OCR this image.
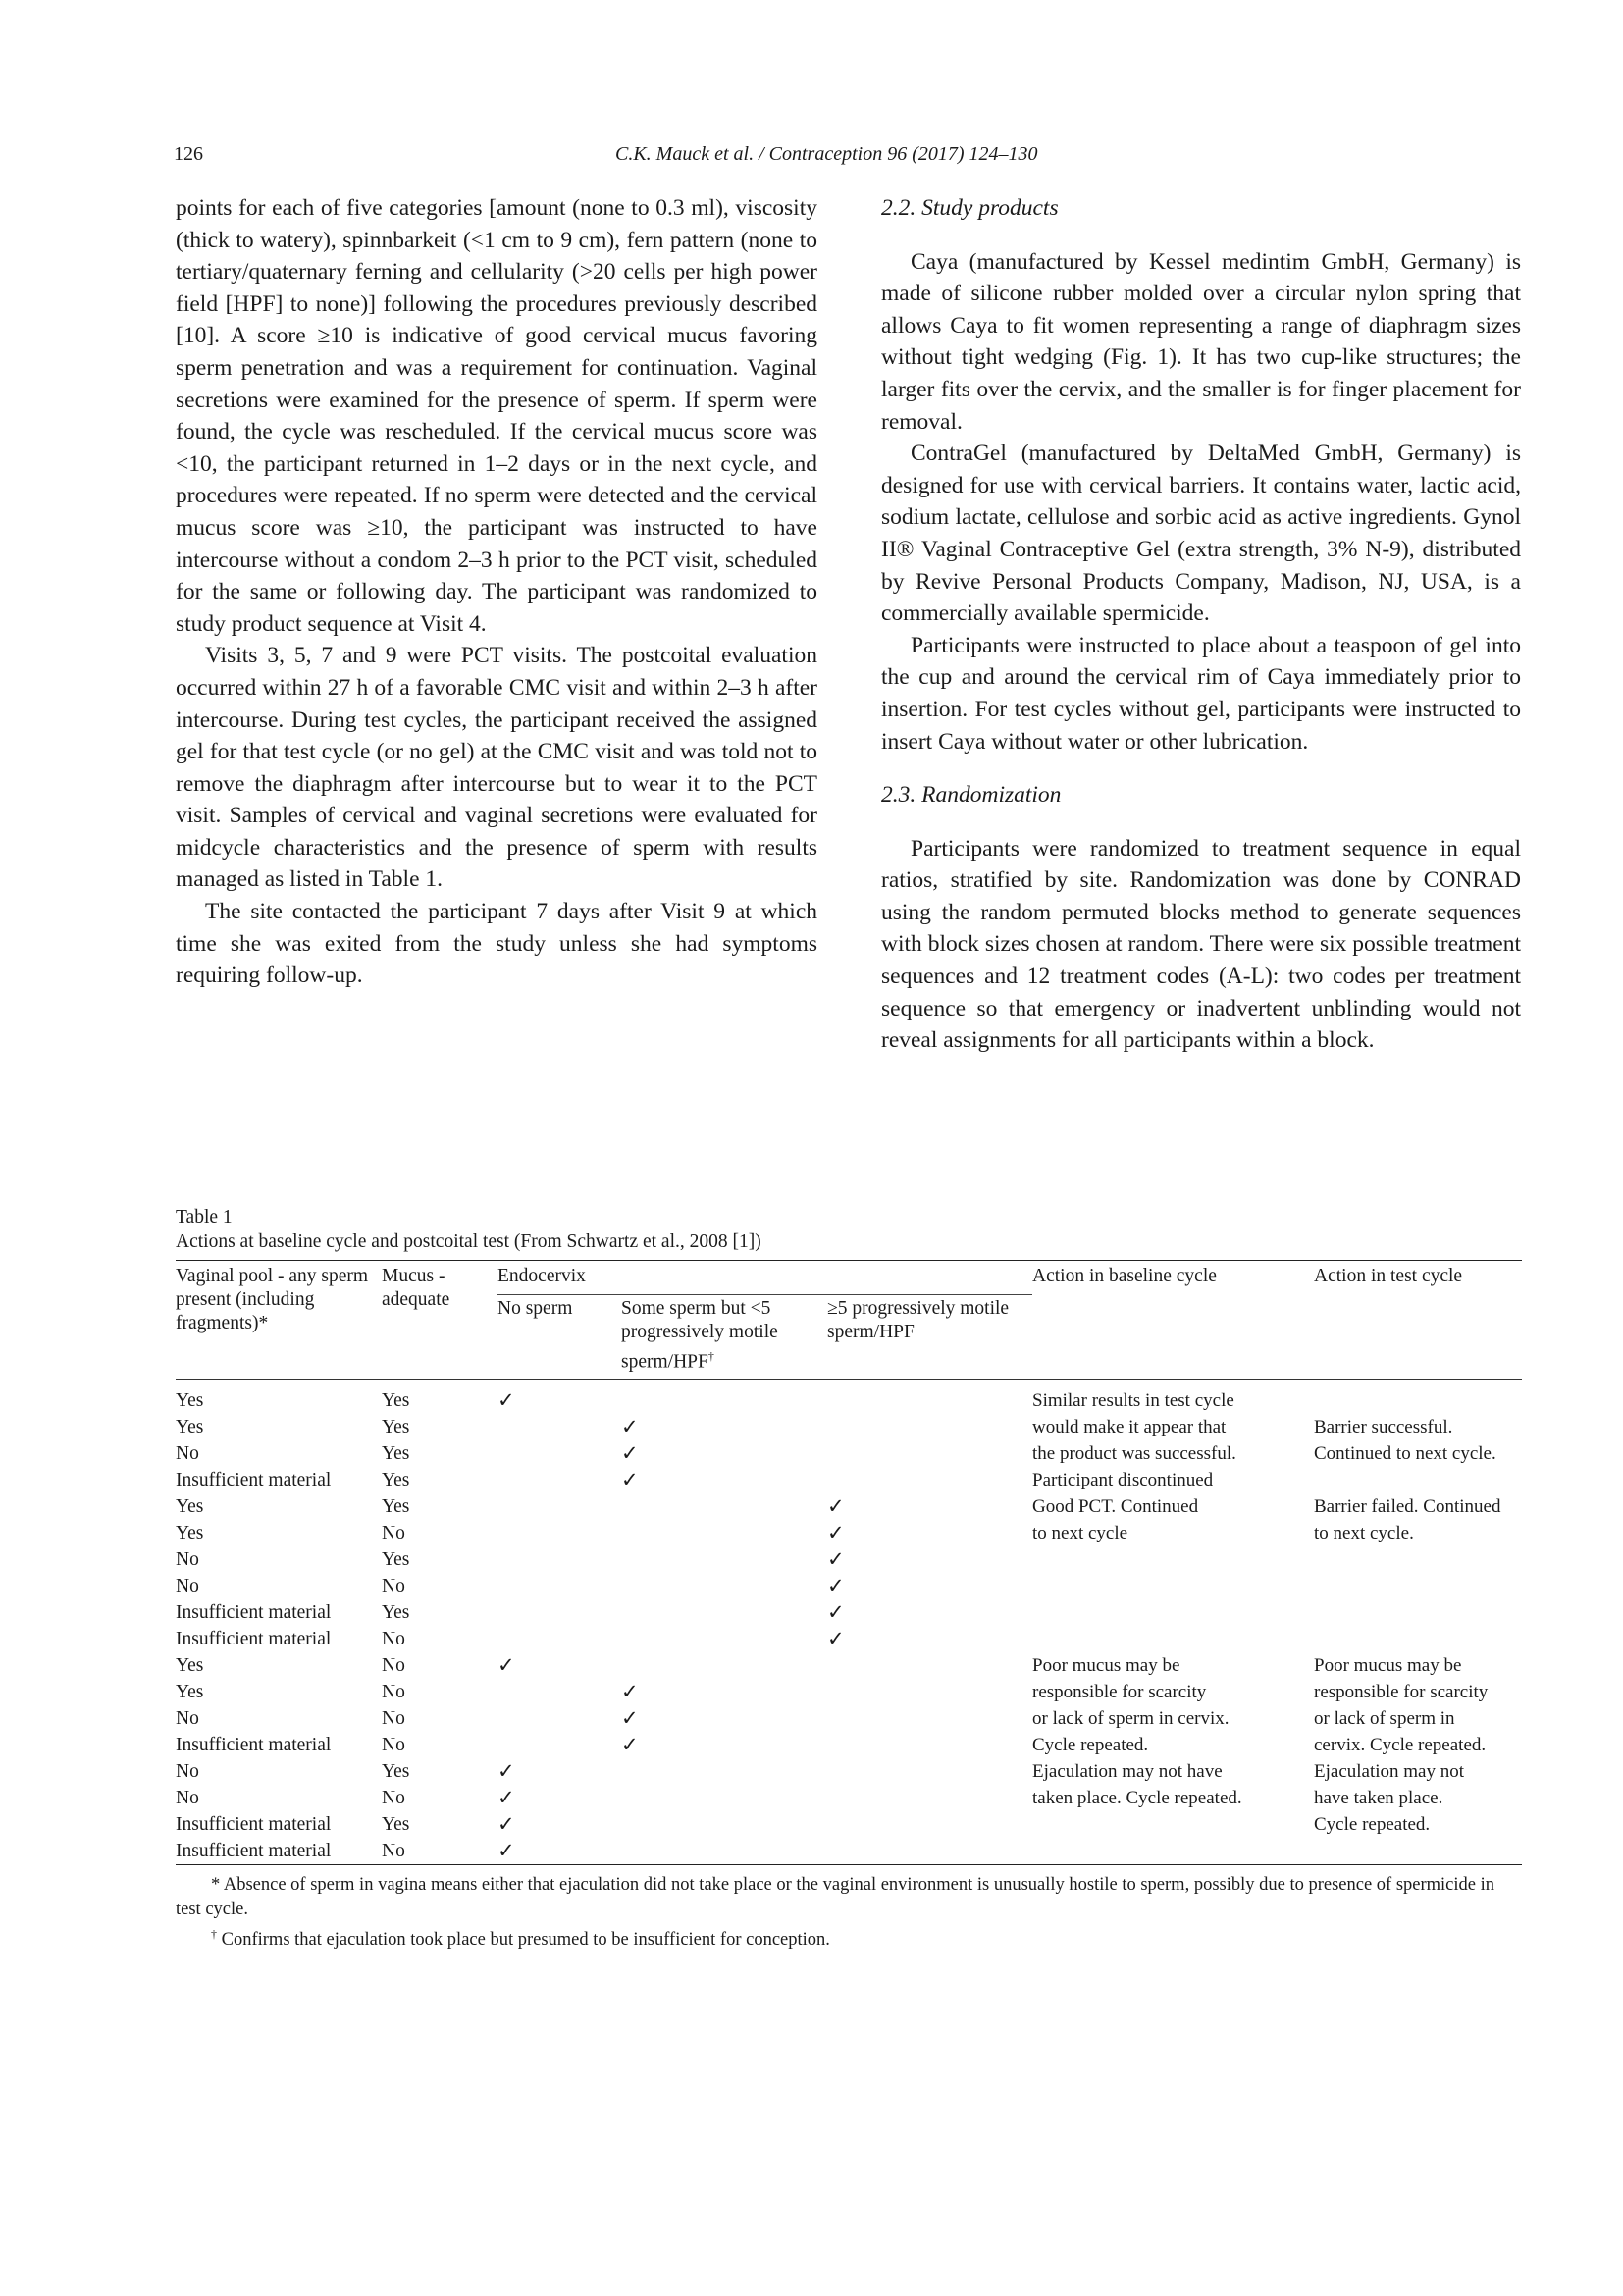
126	C.K. Mauck et al. / Contraception 96 (2017) 124–130

points for each of five categories [amount (none to 0.3 ml), viscosity (thick to watery), spinnbarkeit (<1 cm to 9 cm), fern pattern (none to tertiary/quaternary ferning and cellularity (>20 cells per high power field [HPF] to none)] following the procedures previously described [10]. A score ≥10 is indicative of good cervical mucus favoring sperm penetration and was a requirement for continuation. Vaginal secretions were examined for the presence of sperm. If sperm were found, the cycle was rescheduled. If the cervical mucus score was <10, the participant returned in 1–2 days or in the next cycle, and procedures were repeated. If no sperm were detected and the cervical mucus score was ≥10, the participant was instructed to have intercourse without a condom 2–3 h prior to the PCT visit, scheduled for the same or following day. The participant was randomized to study product sequence at Visit 4.

Visits 3, 5, 7 and 9 were PCT visits. The postcoital evaluation occurred within 27 h of a favorable CMC visit and within 2–3 h after intercourse. During test cycles, the participant received the assigned gel for that test cycle (or no gel) at the CMC visit and was told not to remove the diaphragm after intercourse but to wear it to the PCT visit. Samples of cervical and vaginal secretions were evaluated for midcycle characteristics and the presence of sperm with results managed as listed in Table 1.

The site contacted the participant 7 days after Visit 9 at which time she was exited from the study unless she had symptoms requiring follow-up.

2.2. Study products

Caya (manufactured by Kessel medintim GmbH, Germany) is made of silicone rubber molded over a circular nylon spring that allows Caya to fit women representing a range of diaphragm sizes without tight wedging (Fig. 1). It has two cup-like structures; the larger fits over the cervix, and the smaller is for finger placement for removal.

ContraGel (manufactured by DeltaMed GmbH, Germany) is designed for use with cervical barriers. It contains water, lactic acid, sodium lactate, cellulose and sorbic acid as active ingredients. Gynol II® Vaginal Contraceptive Gel (extra strength, 3% N-9), distributed by Revive Personal Products Company, Madison, NJ, USA, is a commercially available spermicide.

Participants were instructed to place about a teaspoon of gel into the cup and around the cervical rim of Caya immediately prior to insertion. For test cycles without gel, participants were instructed to insert Caya without water or other lubrication.

2.3. Randomization

Participants were randomized to treatment sequence in equal ratios, stratified by site. Randomization was done by CONRAD using the random permuted blocks method to generate sequences with block sizes chosen at random. There were six possible treatment sequences and 12 treatment codes (A-L): two codes per treatment sequence so that emergency or inadvertent unblinding would not reveal assignments for all participants within a block.

Table 1
Actions at baseline cycle and postcoital test (From Schwartz et al., 2008 [1])
Vaginal pool - any sperm present (including fragments)*	Mucus - adequate	Endocervix			Action in baseline cycle	Action in test cycle
		No sperm	Some sperm but <5 progressively motile sperm/HPF†	≥5 progressively motile sperm/HPF		
Yes	Yes	✓			Similar results in test cycle	
Yes	Yes		✓		would make it appear that	Barrier successful.
No	Yes		✓		the product was successful.	Continued to next cycle.
Insufficient material	Yes		✓		Participant discontinued	
Yes	Yes			✓	Good PCT. Continued	Barrier failed. Continued
Yes	No			✓	to next cycle	to next cycle.
No	Yes			✓		
No	No			✓		
Insufficient material	Yes			✓		
Insufficient material	No			✓		
Yes	No	✓			Poor mucus may be	Poor mucus may be
Yes	No		✓		responsible for scarcity	responsible for scarcity
No	No		✓		or lack of sperm in cervix.	or lack of sperm in
Insufficient material	No		✓		Cycle repeated.	cervix. Cycle repeated.
No	Yes	✓			Ejaculation may not have	Ejaculation may not
No	No	✓			taken place. Cycle repeated.	have taken place.
Insufficient material	Yes	✓				Cycle repeated.
Insufficient material	No	✓				

* Absence of sperm in vagina means either that ejaculation did not take place or the vaginal environment is unusually hostile to sperm, possibly due to presence of spermicide in test cycle.

† Confirms that ejaculation took place but presumed to be insufficient for conception.
